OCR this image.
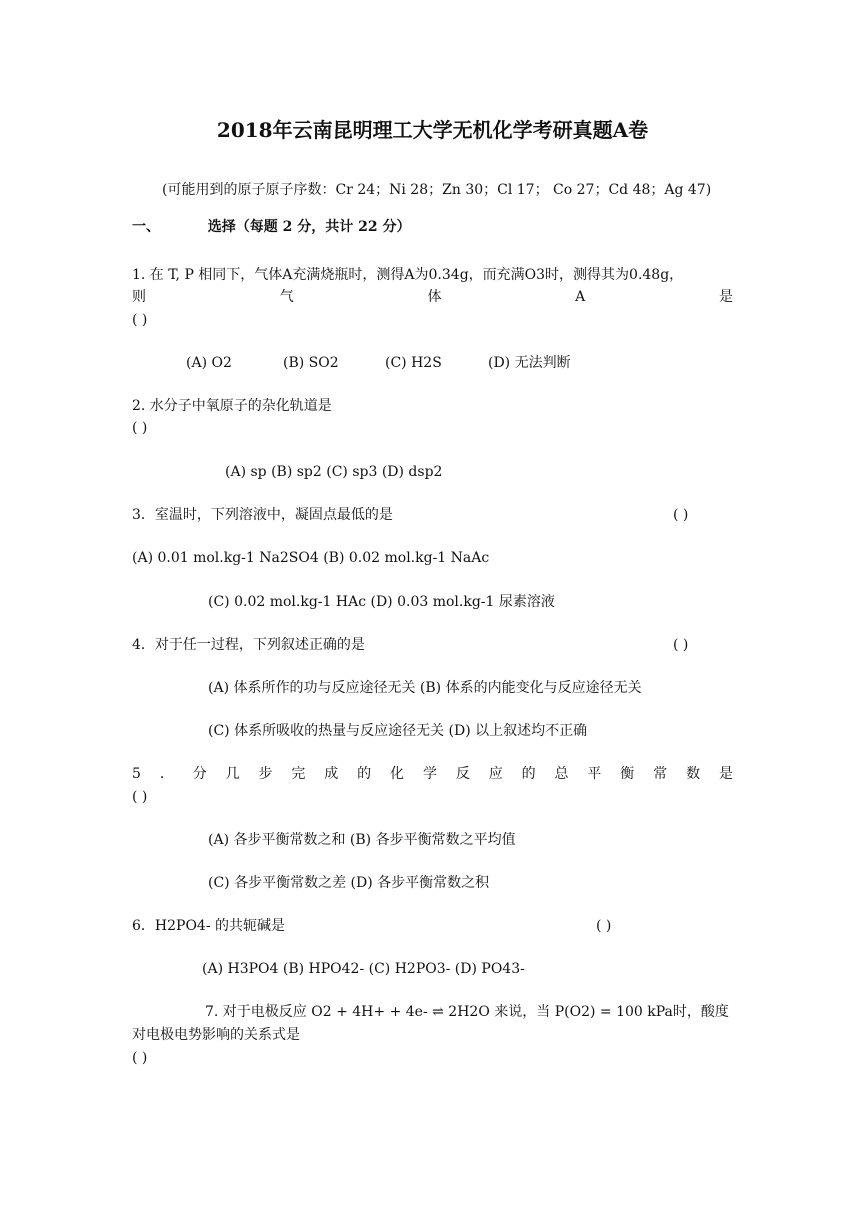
2018年云南昆明理工大学无机化学考研真题A卷
(可能用到的原子原子序数：Cr 24；Ni 28；Zn 30；Cl 17； Co 27；Cd 48；Ag 47)
一、	选择（每题 2 分，共计 22 分）
1. 在 T, P 相同下，气体A充满烧瓶时，测得A为0.34g，而充满O3时，测得其为0.48g，
则	气	体	A	是
( )
(A) O2	(B) SO2	(C) H2S	(D) 无法判断
2. 水分子中氧原子的杂化轨道是
( )
(A) sp (B) sp2 (C) sp3 (D) dsp2
3．室温时，下列溶液中，凝固点最低的是	( )
(A) 0.01 mol.kg-1 Na2SO4 (B) 0.02 mol.kg-1 NaAc
(C) 0.02 mol.kg-1 HAc (D) 0.03 mol.kg-1 尿素溶液
4．对于任一过程，下列叙述正确的是	( )
(A) 体系所作的功与反应途径无关 (B) 体系的内能变化与反应途径无关
(C) 体系所吸收的热量与反应途径无关 (D) 以上叙述均不正确
5 ． 分 几 步 完 成 的 化 学 反 应 的 总 平 衡 常 数 是
( )
(A) 各步平衡常数之和 (B) 各步平衡常数之平均值
(C) 各步平衡常数之差 (D) 各步平衡常数之积
6．H2PO4- 的共轭碱是	( )
(A) H3PO4 (B) HPO42- (C) H2PO3- (D) PO43-
7. 对于电极反应 O2 + 4H+ + 4e- ⇌ 2H2O 来说，当 P(O2) = 100 kPa时，酸度
对电极电势影响的关系式是
( )
